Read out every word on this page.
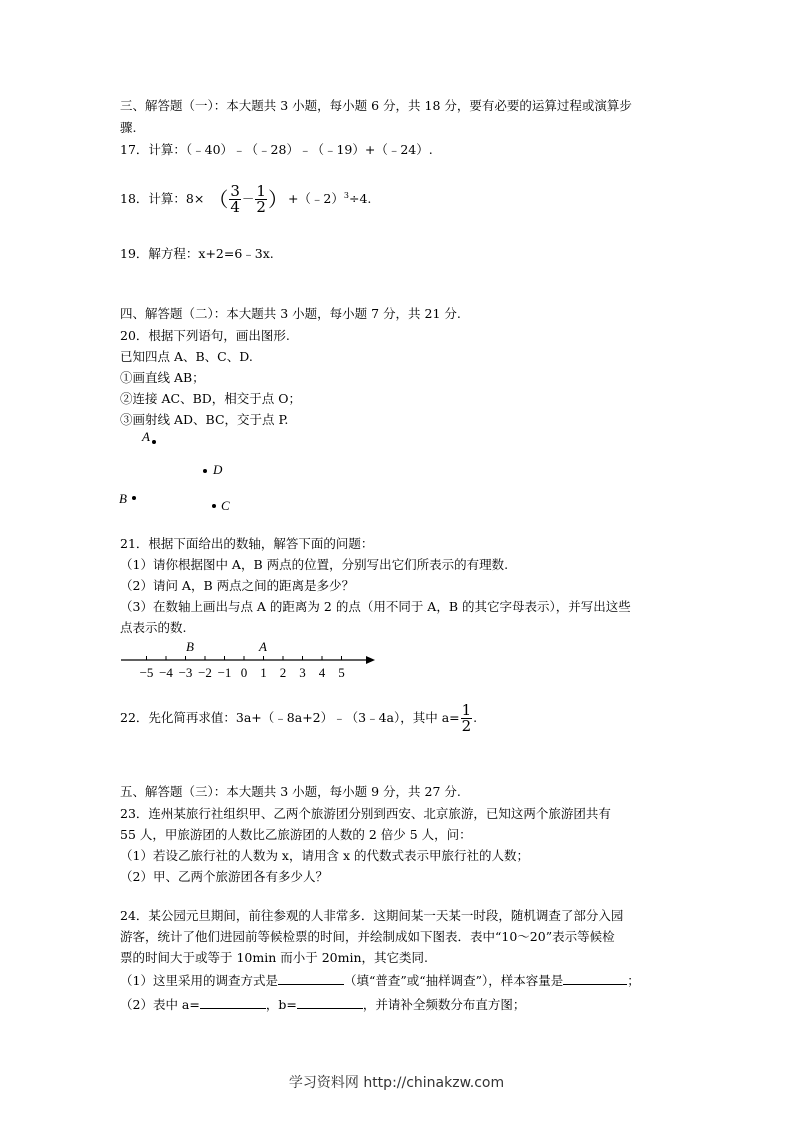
三、解答题（一）：本大题共 3 小题，每小题 6 分，共 18 分，要有必要的运算过程或演算步
骤.
17．计算：（﹣40）﹣（﹣28）﹣（﹣19）+（﹣24）.
18．计算：8× （ $\frac{3}{4} - \frac{1}{2}$ ）+（﹣2）$^3$÷4.
19．解方程：x+2=6﹣3x.
四、解答题（二）：本大题共 3 小题，每小题 7 分，共 21 分.
20．根据下列语句，画出图形.
已知四点 A、B、C、D.
①画直线 AB；
②连接 AC、BD，相交于点 O；
③画射线 AD、BC，交于点 P.
A
D
B	C
21．根据下面给出的数轴，解答下面的问题：
（1）请你根据图中 A，B 两点的位置，分别写出它们所表示的有理数.
（2）请问 A，B 两点之间的距离是多少？
（3）在数轴上画出与点 A 的距离为 2 的点（用不同于 A，B 的其它字母表示），并写出这些
点表示的数.
−5 −4 −3 −2 −1 0 1 2 3 4 5
B	A
22．先化简再求值：3a+（﹣8a+2）﹣（3﹣4a），其中 $a= \frac{1}{2}$ .
五、解答题（三）：本大题共 3 小题，每小题 9 分，共 27 分.
23．连州某旅行社组织甲、乙两个旅游团分别到西安、北京旅游，已知这两个旅游团共有
55 人，甲旅游团的人数比乙旅游团的人数的 2 倍少 5 人，问：
（1）若设乙旅行社的人数为 x，请用含 x 的代数式表示甲旅行社的人数；
（2）甲、乙两个旅游团各有多少人？
24．某公园元旦期间，前往参观的人非常多．这期间某一天某一时段，随机调查了部分入园
游客，统计了他们进园前等候检票的时间，并绘制成如下图表．表中“10～20”表示等候检
票的时间大于或等于 10min 而小于 20min，其它类同.
（1）这里采用的调查方式是	（填“普查”或“抽样调查”），样本容量是	；
（2）表中 a=	，b=	，并请补全频数分布直方图；
学习资料网 http://chinakzw.com
